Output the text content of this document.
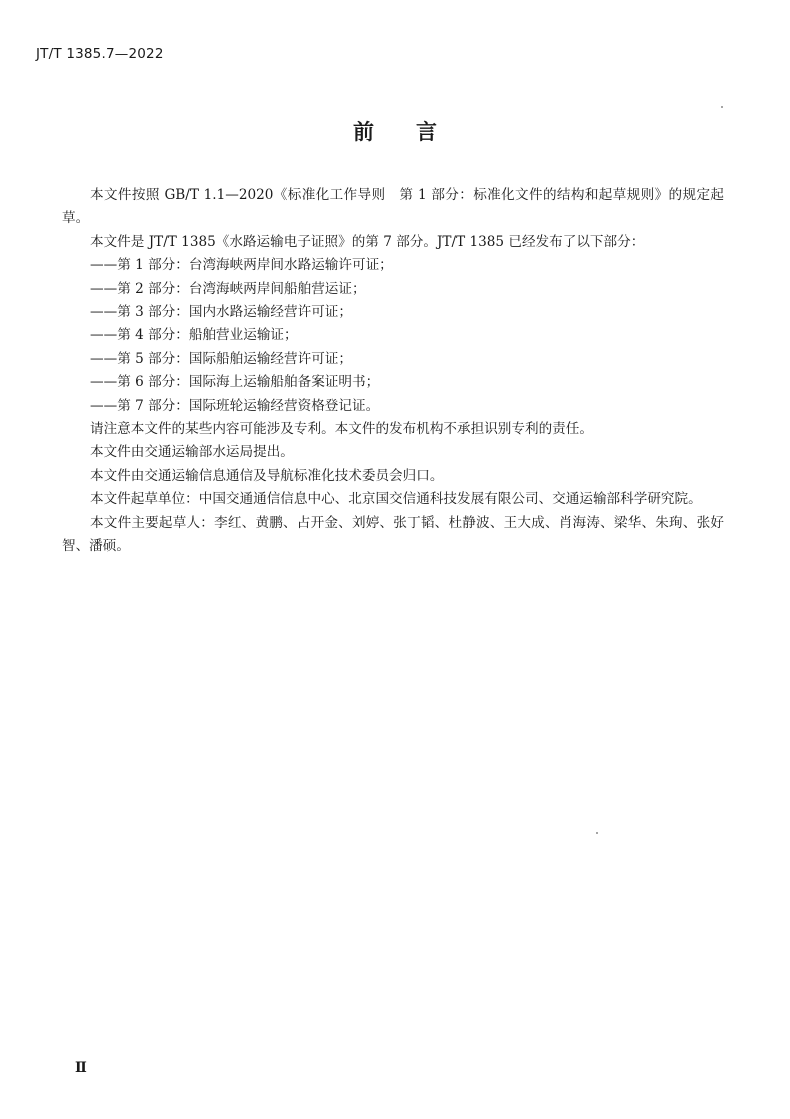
JT/T 1385.7—2022
前言

本文件按照 GB/T 1.1—2020《标准化工作导则　第 1 部分：标准化文件的结构和起草规则》的规定起草。

本文件是 JT/T 1385《水路运输电子证照》的第 7 部分。JT/T 1385 已经发布了以下部分：

——第 1 部分：台湾海峡两岸间水路运输许可证；

——第 2 部分：台湾海峡两岸间船舶营运证；

——第 3 部分：国内水路运输经营许可证；

——第 4 部分：船舶营业运输证；

——第 5 部分：国际船舶运输经营许可证；

——第 6 部分：国际海上运输船舶备案证明书；

——第 7 部分：国际班轮运输经营资格登记证。

请注意本文件的某些内容可能涉及专利。本文件的发布机构不承担识别专利的责任。

本文件由交通运输部水运局提出。

本文件由交通运输信息通信及导航标准化技术委员会归口。

本文件起草单位：中国交通通信信息中心、北京国交信通科技发展有限公司、交通运输部科学研究院。

本文件主要起草人：李红、黄鹏、占开金、刘婷、张丁韬、杜静波、王大成、肖海涛、梁华、朱珣、张好智、潘硕。

Ⅱ
